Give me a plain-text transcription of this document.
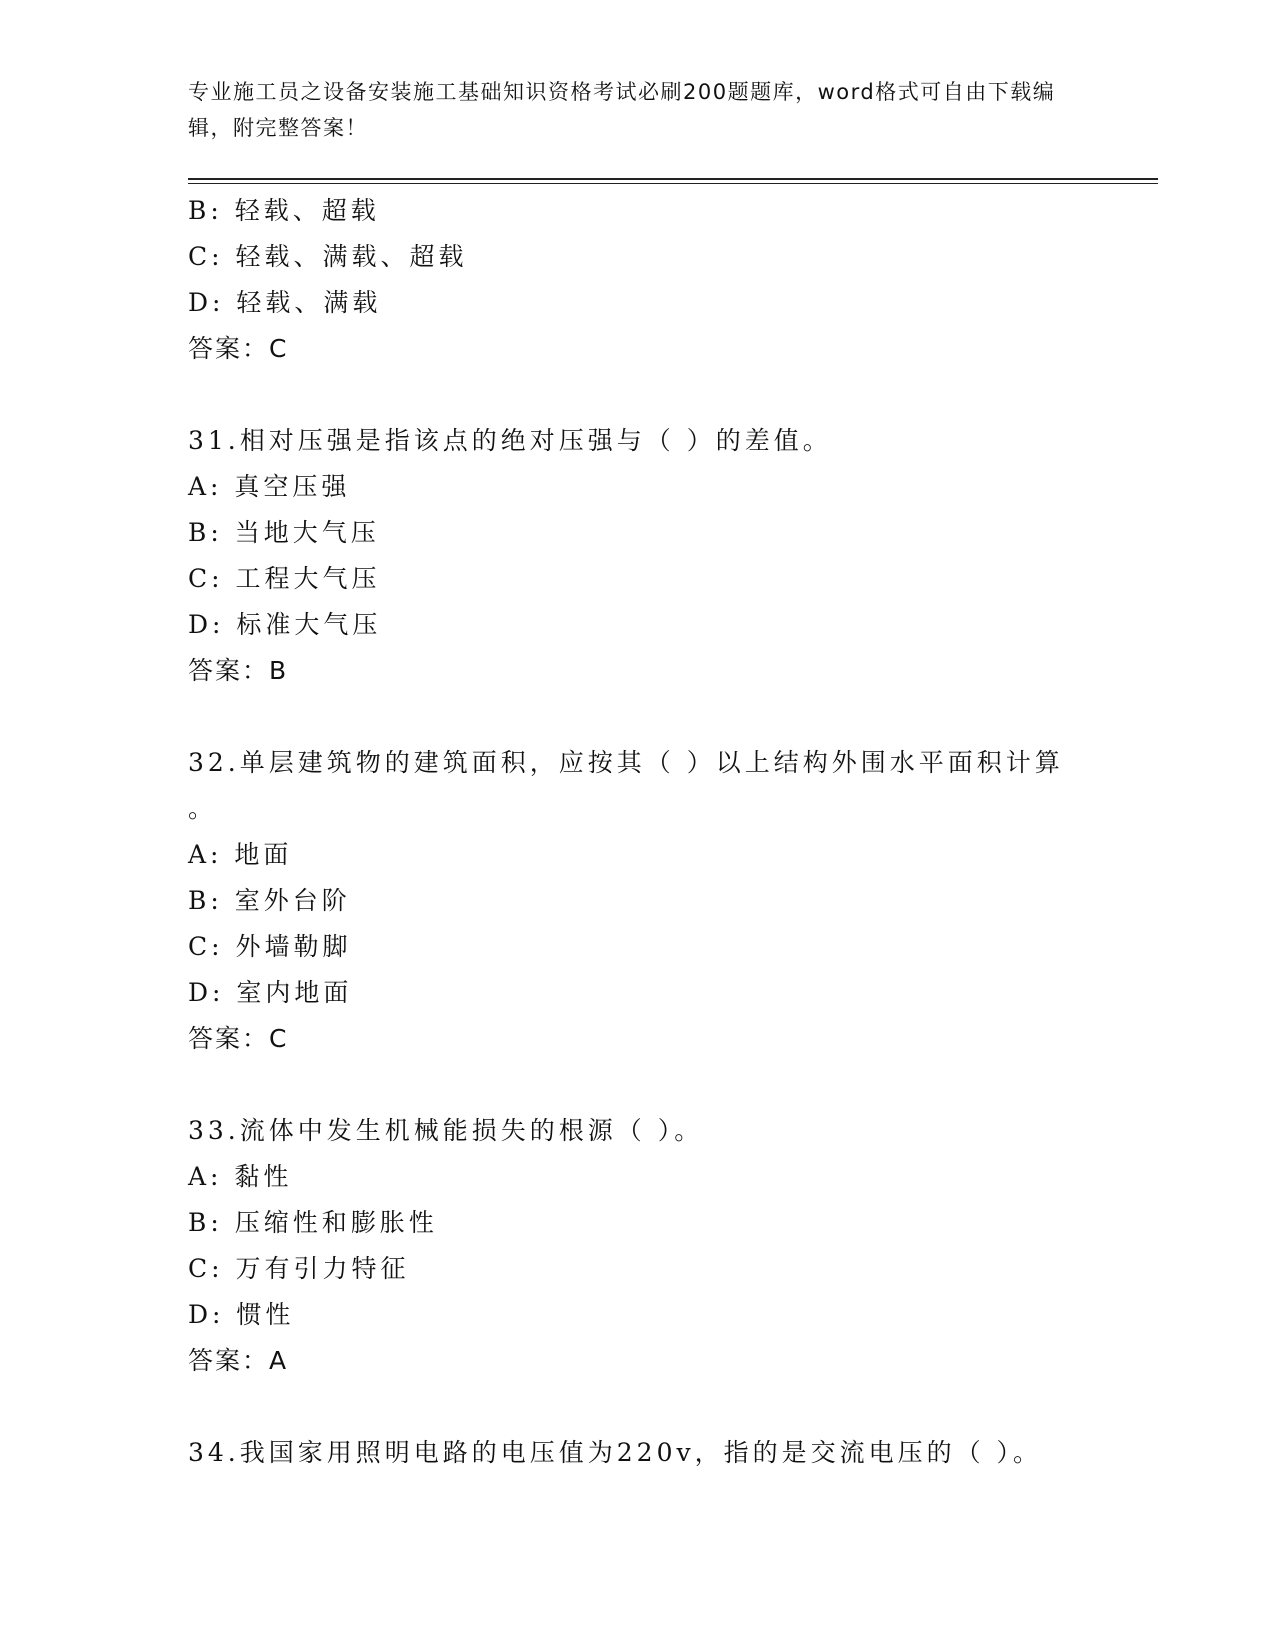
专业施工员之设备安装施工基础知识资格考试必刷200题题库，word格式可自由下载编辑，附完整答案！
B: 轻载、超载
C: 轻载、满载、超载
D: 轻载、满载
答案：C
31.相对压强是指该点的绝对压强与（ ）的差值。
A: 真空压强
B: 当地大气压
C: 工程大气压
D: 标准大气压
答案：B
32.单层建筑物的建筑面积，应按其（ ）以上结构外围水平面积计算
。
A: 地面
B: 室外台阶
C: 外墙勒脚
D: 室内地面
答案：C
33.流体中发生机械能损失的根源（ ）。
A: 黏性
B: 压缩性和膨胀性
C: 万有引力特征
D: 惯性
答案：A
34.我国家用照明电路的电压值为220v，指的是交流电压的（ ）。
